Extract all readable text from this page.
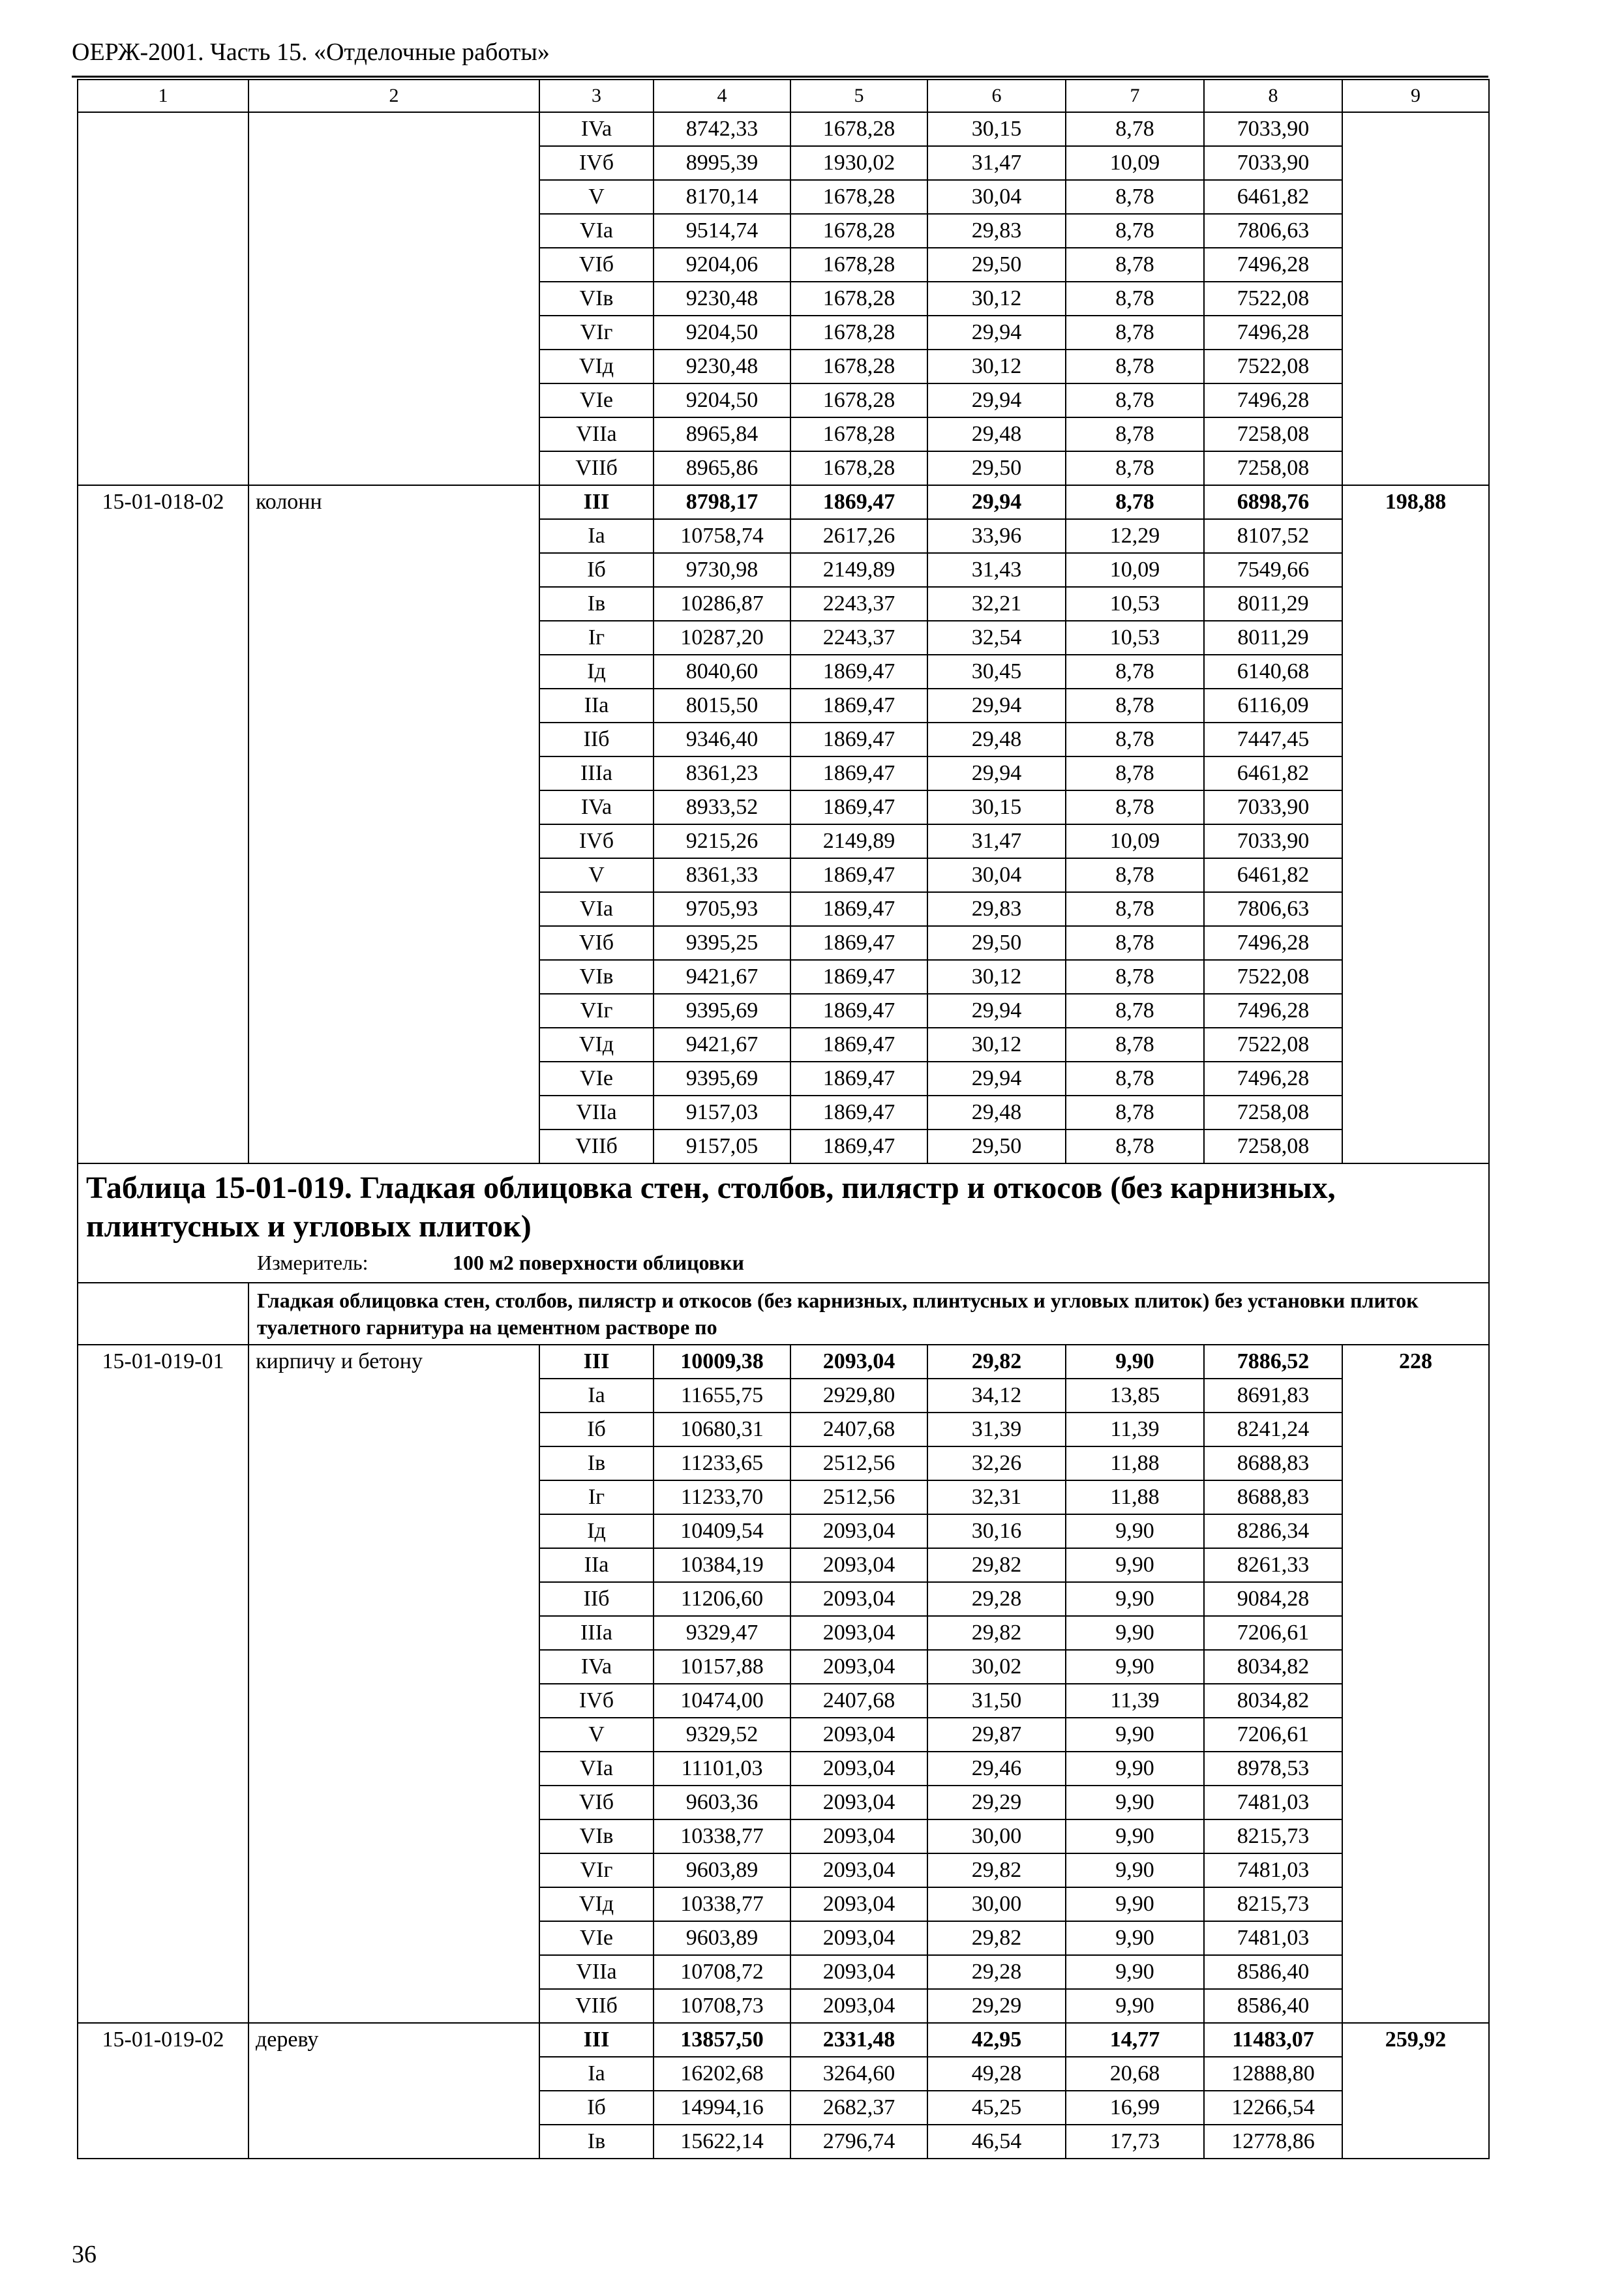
ОЕРЖ-2001. Часть 15. «Отделочные работы»
1	2	3	4	5	6	7	8	9
		IVa	8742,33	1678,28	30,15	8,78	7033,90	
		IVб	8995,39	1930,02	31,47	10,09	7033,90	
		V	8170,14	1678,28	30,04	8,78	6461,82	
		VIa	9514,74	1678,28	29,83	8,78	7806,63	
		VIб	9204,06	1678,28	29,50	8,78	7496,28	
		VIв	9230,48	1678,28	30,12	8,78	7522,08	
		VIг	9204,50	1678,28	29,94	8,78	7496,28	
		VIд	9230,48	1678,28	30,12	8,78	7522,08	
		VIe	9204,50	1678,28	29,94	8,78	7496,28	
		VIIa	8965,84	1678,28	29,48	8,78	7258,08	
		VIIб	8965,86	1678,28	29,50	8,78	7258,08	
15-01-018-02	колонн	III	8798,17	1869,47	29,94	8,78	6898,76	198,88
		Ia	10758,74	2617,26	33,96	12,29	8107,52	
		Iб	9730,98	2149,89	31,43	10,09	7549,66	
		Iв	10286,87	2243,37	32,21	10,53	8011,29	
		Iг	10287,20	2243,37	32,54	10,53	8011,29	
		Iд	8040,60	1869,47	30,45	8,78	6140,68	
		IIa	8015,50	1869,47	29,94	8,78	6116,09	
		IIб	9346,40	1869,47	29,48	8,78	7447,45	
		IIIa	8361,23	1869,47	29,94	8,78	6461,82	
		IVa	8933,52	1869,47	30,15	8,78	7033,90	
		IVб	9215,26	2149,89	31,47	10,09	7033,90	
		V	8361,33	1869,47	30,04	8,78	6461,82	
		VIa	9705,93	1869,47	29,83	8,78	7806,63	
		VIб	9395,25	1869,47	29,50	8,78	7496,28	
		VIв	9421,67	1869,47	30,12	8,78	7522,08	
		VIг	9395,69	1869,47	29,94	8,78	7496,28	
		VIд	9421,67	1869,47	30,12	8,78	7522,08	
		VIe	9395,69	1869,47	29,94	8,78	7496,28	
		VIIa	9157,03	1869,47	29,48	8,78	7258,08	
		VIIб	9157,05	1869,47	29,50	8,78	7258,08	

Таблица 15-01-019. Гладкая облицовка стен, столбов, пилястр и откосов (без карнизных, плинтусных и угловых плиток)
Измеритель: 100 м2 поверхности облицовки								

	Гладкая облицовка стен, столбов, пилястр и откосов (без карнизных, плинтусных и угловых плиток) без установки плиток туалетного гарнитура на цементном растворе по							
15-01-019-01	кирпичу и бетону	III	10009,38	2093,04	29,82	9,90	7886,52	228
		Ia	11655,75	2929,80	34,12	13,85	8691,83	
		Iб	10680,31	2407,68	31,39	11,39	8241,24	
		Iв	11233,65	2512,56	32,26	11,88	8688,83	
		Iг	11233,70	2512,56	32,31	11,88	8688,83	
		Iд	10409,54	2093,04	30,16	9,90	8286,34	
		IIa	10384,19	2093,04	29,82	9,90	8261,33	
		IIб	11206,60	2093,04	29,28	9,90	9084,28	
		IIIa	9329,47	2093,04	29,82	9,90	7206,61	
		IVa	10157,88	2093,04	30,02	9,90	8034,82	
		IVб	10474,00	2407,68	31,50	11,39	8034,82	
		V	9329,52	2093,04	29,87	9,90	7206,61	
		VIa	11101,03	2093,04	29,46	9,90	8978,53	
		VIб	9603,36	2093,04	29,29	9,90	7481,03	
		VIв	10338,77	2093,04	30,00	9,90	8215,73	
		VIг	9603,89	2093,04	29,82	9,90	7481,03	
		VIд	10338,77	2093,04	30,00	9,90	8215,73	
		VIe	9603,89	2093,04	29,82	9,90	7481,03	
		VIIa	10708,72	2093,04	29,28	9,90	8586,40	
		VIIб	10708,73	2093,04	29,29	9,90	8586,40	
15-01-019-02	дереву	III	13857,50	2331,48	42,95	14,77	11483,07	259,92
		Ia	16202,68	3264,60	49,28	20,68	12888,80	
		Iб	14994,16	2682,37	45,25	16,99	12266,54	
		Iв	15622,14	2796,74	46,54	17,73	12778,86	
36
